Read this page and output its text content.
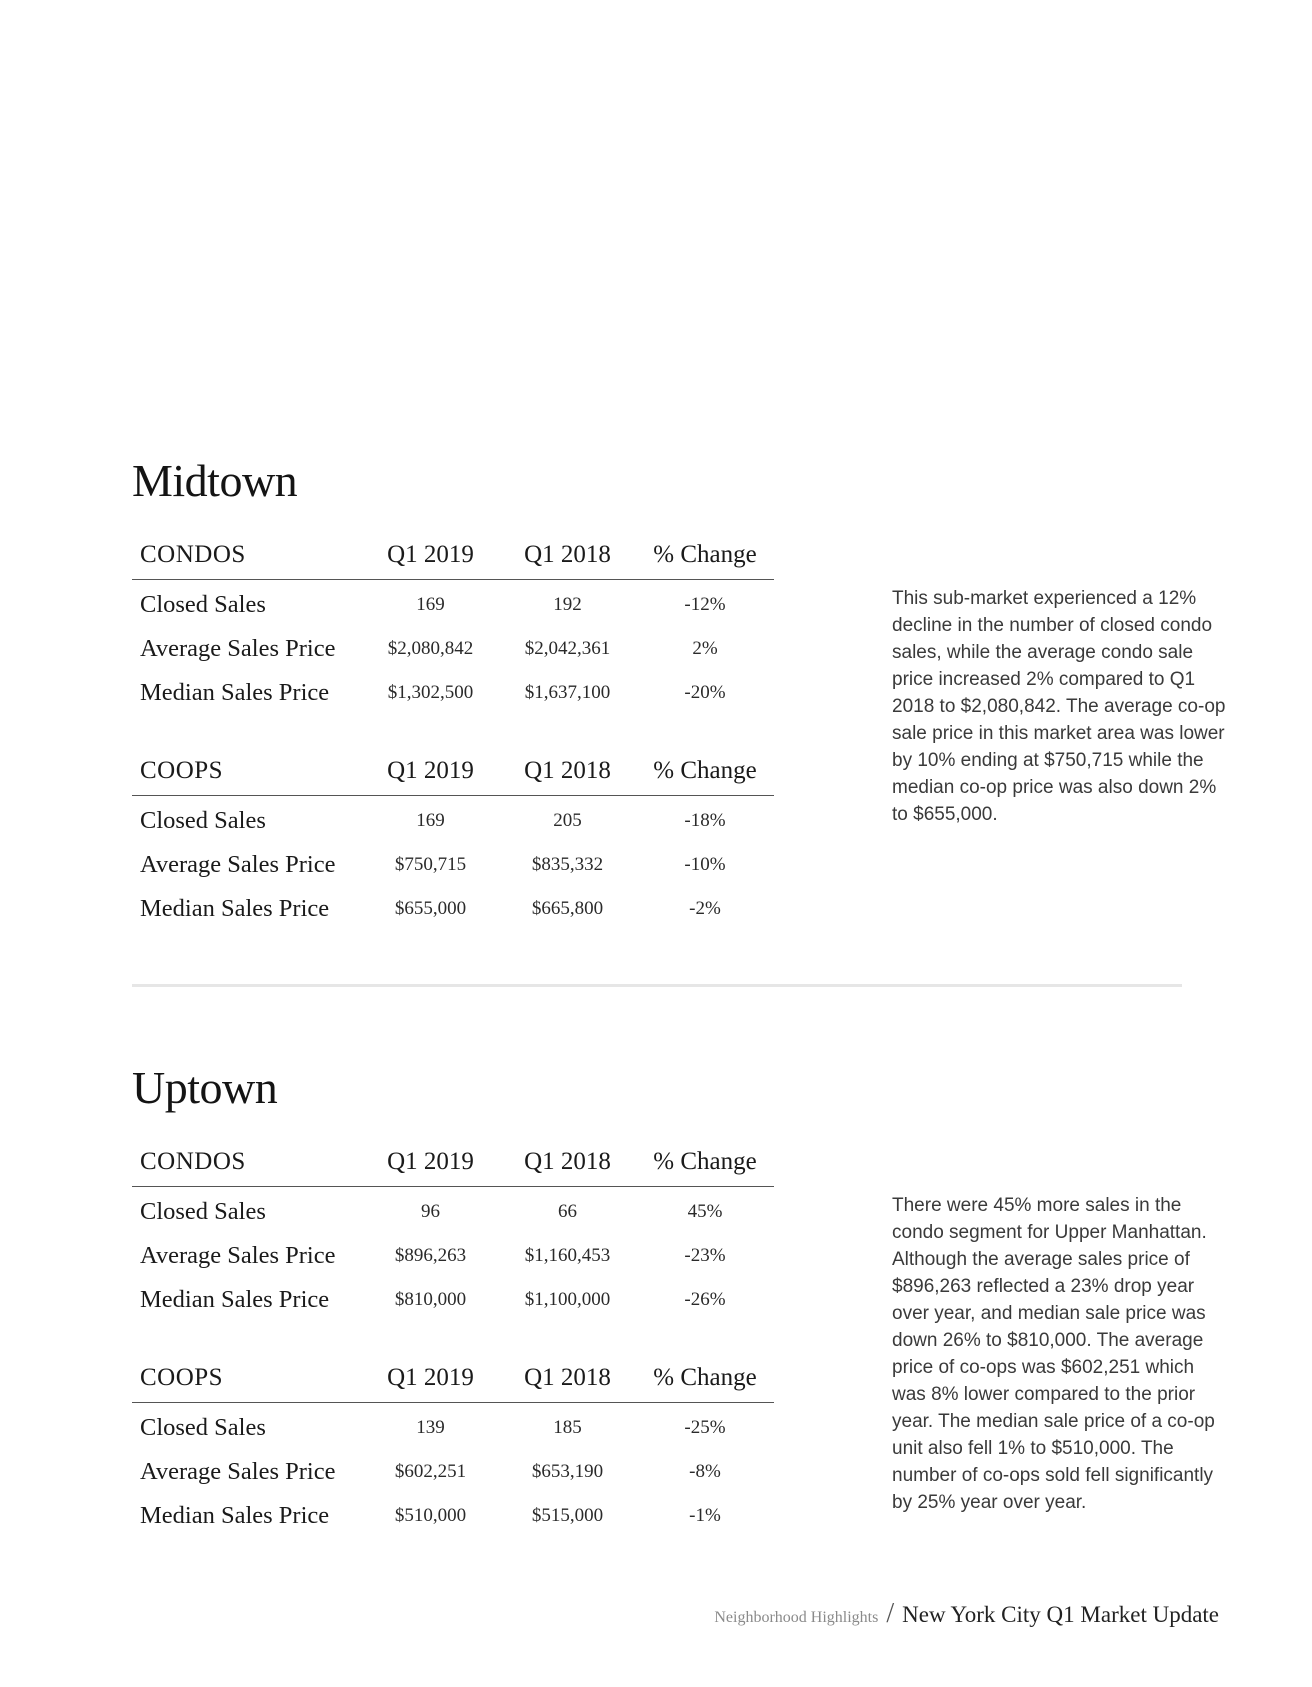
Midtown
CONDOS	Q1 2019	Q1 2018	% Change
Closed Sales	169	192	-12%
Average Sales Price	$2,080,842	$2,042,361	2%
Median Sales Price	$1,302,500	$1,637,100	-20%
COOPS	Q1 2019	Q1 2018	% Change
Closed Sales	169	205	-18%
Average Sales Price	$750,715	$835,332	-10%
Median Sales Price	$655,000	$665,800	-2%

This sub-market experienced a 12% decline in the number of closed condo sales, while the average condo sale price increased 2% compared to Q1 2018 to $2,080,842. The average co-op sale price in this market area was lower by 10% ending at $750,715 while the median co-op price was also down 2% to $655,000.

Uptown
CONDOS	Q1 2019	Q1 2018	% Change
Closed Sales	96	66	45%
Average Sales Price	$896,263	$1,160,453	-23%
Median Sales Price	$810,000	$1,100,000	-26%
COOPS	Q1 2019	Q1 2018	% Change
Closed Sales	139	185	-25%
Average Sales Price	$602,251	$653,190	-8%
Median Sales Price	$510,000	$515,000	-1%

There were 45% more sales in the condo segment for Upper Manhattan. Although the average sales price of $896,263 reflected a 23% drop year over year, and median sale price was down 26% to $810,000. The average price of co-ops was $602,251 which was 8% lower compared to the prior year. The median sale price of a co-op unit also fell 1% to $510,000. The number of co-ops sold fell significantly by 25% year over year.

Neighborhood Highlights / New York City Q1 Market Update
